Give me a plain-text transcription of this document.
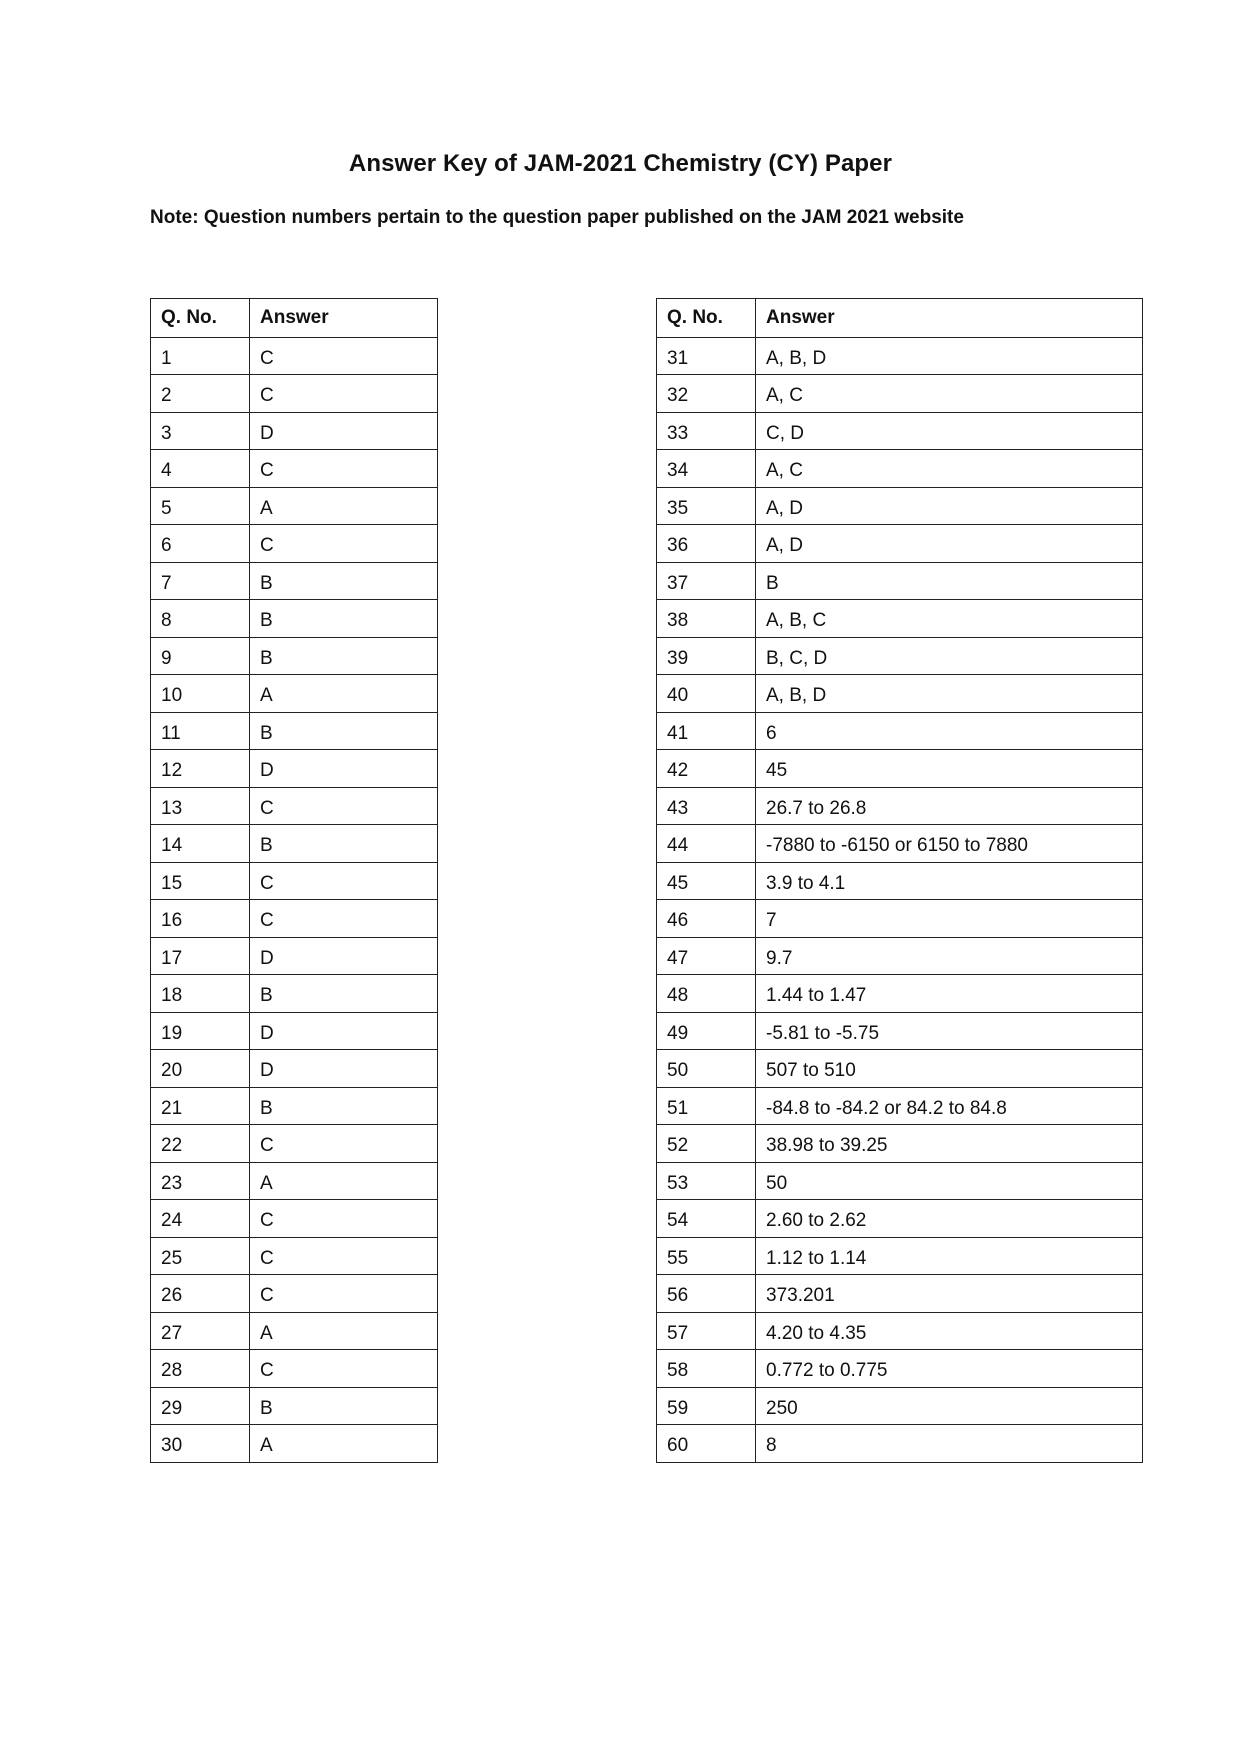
Answer Key of JAM-2021 Chemistry (CY) Paper
Note: Question numbers pertain to the question paper published on the JAM 2021 website
Q. No.	Answer
1	C
2	C
3	D
4	C
5	A
6	C
7	B
8	B
9	B
10	A
11	B
12	D
13	C
14	B
15	C
16	C
17	D
18	B
19	D
20	D
21	B
22	C
23	A
24	C
25	C
26	C
27	A
28	C
29	B
30	A
Q. No.	Answer
31	A, B, D
32	A, C
33	C, D
34	A, C
35	A, D
36	A, D
37	B
38	A, B, C
39	B, C, D
40	A, B, D
41	6
42	45
43	26.7 to 26.8
44	-7880 to -6150 or 6150 to 7880
45	3.9 to 4.1
46	7
47	9.7
48	1.44 to 1.47
49	-5.81 to -5.75
50	507 to 510
51	-84.8 to -84.2 or 84.2 to 84.8
52	38.98 to 39.25
53	50
54	2.60 to 2.62
55	1.12 to 1.14
56	373.201
57	4.20 to 4.35
58	0.772 to 0.775
59	250
60	8
